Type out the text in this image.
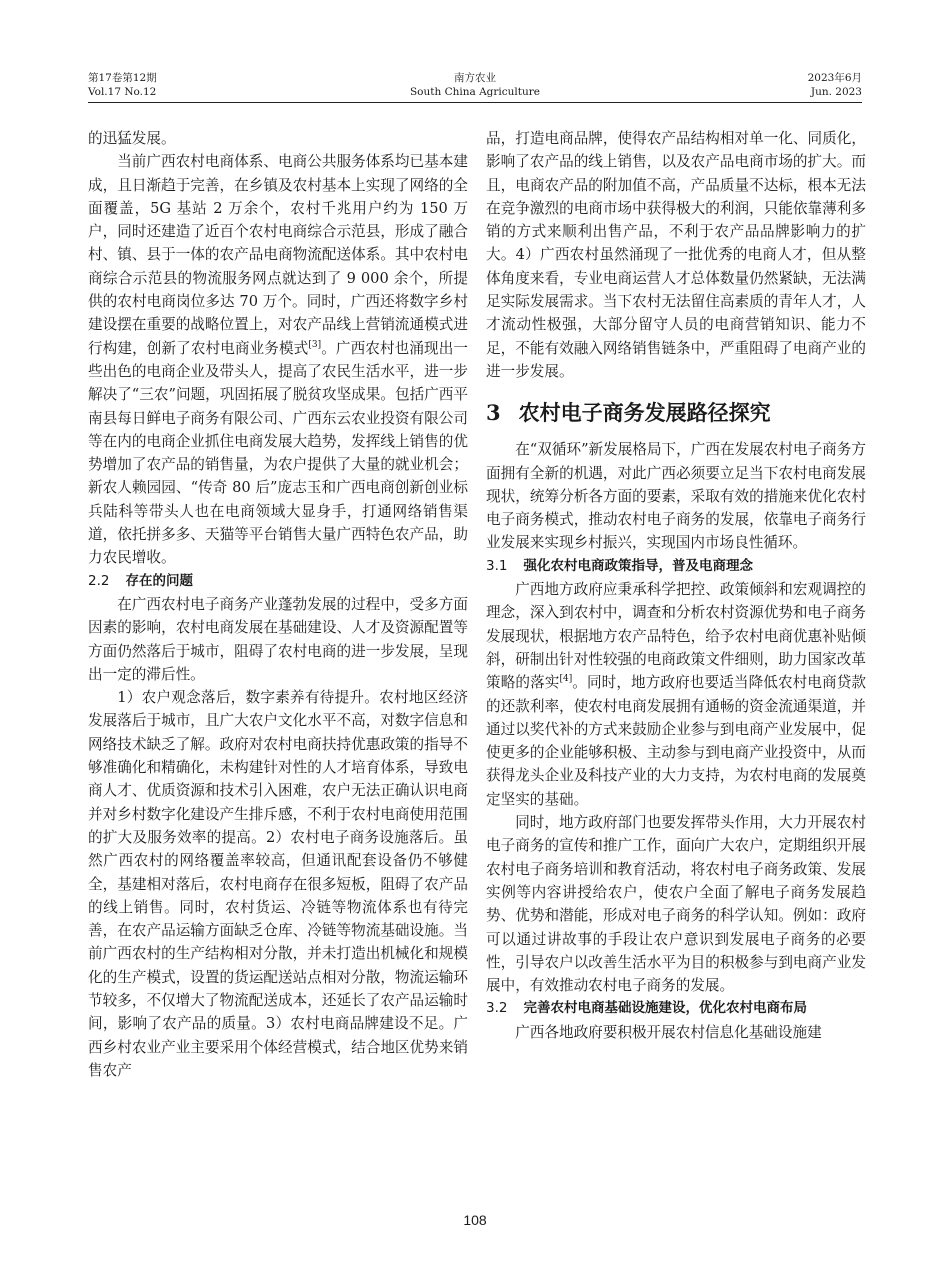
第17卷第12期
Vol.17 No.12
南方农业
South China Agriculture
2023年6月
Jun. 2023

的迅猛发展。

当前广西农村电商体系、电商公共服务体系均已基本建成，且日渐趋于完善，在乡镇及农村基本上实现了网络的全面覆盖，5G 基站 2 万余个，农村千兆用户约为 150 万户，同时还建造了近百个农村电商综合示范县，形成了融合村、镇、县于一体的农产品电商物流配送体系。其中农村电商综合示范县的物流服务网点就达到了 9 000 余个，所提供的农村电商岗位多达 70 万个。同时，广西还将数字乡村建设摆在重要的战略位置上，对农产品线上营销流通模式进行构建，创新了农村电商业务模式[3]。广西农村也涌现出一些出色的电商企业及带头人，提高了农民生活水平，进一步解决了“三农”问题，巩固拓展了脱贫攻坚成果。包括广西平南县每日鲜电子商务有限公司、广西东云农业投资有限公司等在内的电商企业抓住电商发展大趋势，发挥线上销售的优势增加了农产品的销售量，为农户提供了大量的就业机会；新农人赖园园、“传奇 80 后”庞志玉和广西电商创新创业标兵陆科等带头人也在电商领域大显身手，打通网络销售渠道，依托拼多多、天猫等平台销售大量广西特色农产品，助力农民增收。

2.2 存在的问题

在广西农村电子商务产业蓬勃发展的过程中，受多方面因素的影响，农村电商发展在基础建设、人才及资源配置等方面仍然落后于城市，阻碍了农村电商的进一步发展，呈现出一定的滞后性。

1）农户观念落后，数字素养有待提升。农村地区经济发展落后于城市，且广大农户文化水平不高，对数字信息和网络技术缺乏了解。政府对农村电商扶持优惠政策的指导不够准确化和精确化，未构建针对性的人才培育体系，导致电商人才、优质资源和技术引入困难，农户无法正确认识电商并对乡村数字化建设产生排斥感，不利于农村电商使用范围的扩大及服务效率的提高。2）农村电子商务设施落后。虽然广西农村的网络覆盖率较高，但通讯配套设备仍不够健全，基建相对落后，农村电商存在很多短板，阻碍了农产品的线上销售。同时，农村货运、冷链等物流体系也有待完善，在农产品运输方面缺乏仓库、冷链等物流基础设施。当前广西农村的生产结构相对分散，并未打造出机械化和规模化的生产模式，设置的货运配送站点相对分散，物流运输环节较多，不仅增大了物流配送成本，还延长了农产品运输时间，影响了农产品的质量。3）农村电商品牌建设不足。广西乡村农业产业主要采用个体经营模式，结合地区优势来销售农产

品，打造电商品牌，使得农产品结构相对单一化、同质化，影响了农产品的线上销售，以及农产品电商市场的扩大。而且，电商农产品的附加值不高，产品质量不达标，根本无法在竞争激烈的电商市场中获得极大的利润，只能依靠薄利多销的方式来顺利出售产品，不利于农产品品牌影响力的扩大。4）广西农村虽然涌现了一批优秀的电商人才，但从整体角度来看，专业电商运营人才总体数量仍然紧缺，无法满足实际发展需求。当下农村无法留住高素质的青年人才，人才流动性极强，大部分留守人员的电商营销知识、能力不足，不能有效融入网络销售链条中，严重阻碍了电商产业的进一步发展。

3 农村电子商务发展路径探究

在“双循环”新发展格局下，广西在发展农村电子商务方面拥有全新的机遇，对此广西必须要立足当下农村电商发展现状，统筹分析各方面的要素，采取有效的措施来优化农村电子商务模式，推动农村电子商务的发展，依靠电子商务行业发展来实现乡村振兴，实现国内市场良性循环。

3.1 强化农村电商政策指导，普及电商理念

广西地方政府应秉承科学把控、政策倾斜和宏观调控的理念，深入到农村中，调查和分析农村资源优势和电子商务发展现状，根据地方农产品特色，给予农村电商优惠补贴倾斜，研制出针对性较强的电商政策文件细则，助力国家改革策略的落实[4]。同时，地方政府也要适当降低农村电商贷款的还款利率，使农村电商发展拥有通畅的资金流通渠道，并通过以奖代补的方式来鼓励企业参与到电商产业发展中，促使更多的企业能够积极、主动参与到电商产业投资中，从而获得龙头企业及科技产业的大力支持，为农村电商的发展奠定坚实的基础。

同时，地方政府部门也要发挥带头作用，大力开展农村电子商务的宣传和推广工作，面向广大农户，定期组织开展农村电子商务培训和教育活动，将农村电子商务政策、发展实例等内容讲授给农户，使农户全面了解电子商务发展趋势、优势和潜能，形成对电子商务的科学认知。例如：政府可以通过讲故事的手段让农户意识到发展电子商务的必要性，引导农户以改善生活水平为目的积极参与到电商产业发展中，有效推动农村电子商务的发展。

3.2 完善农村电商基础设施建设，优化农村电商布局

广西各地政府要积极开展农村信息化基础设施建

108
